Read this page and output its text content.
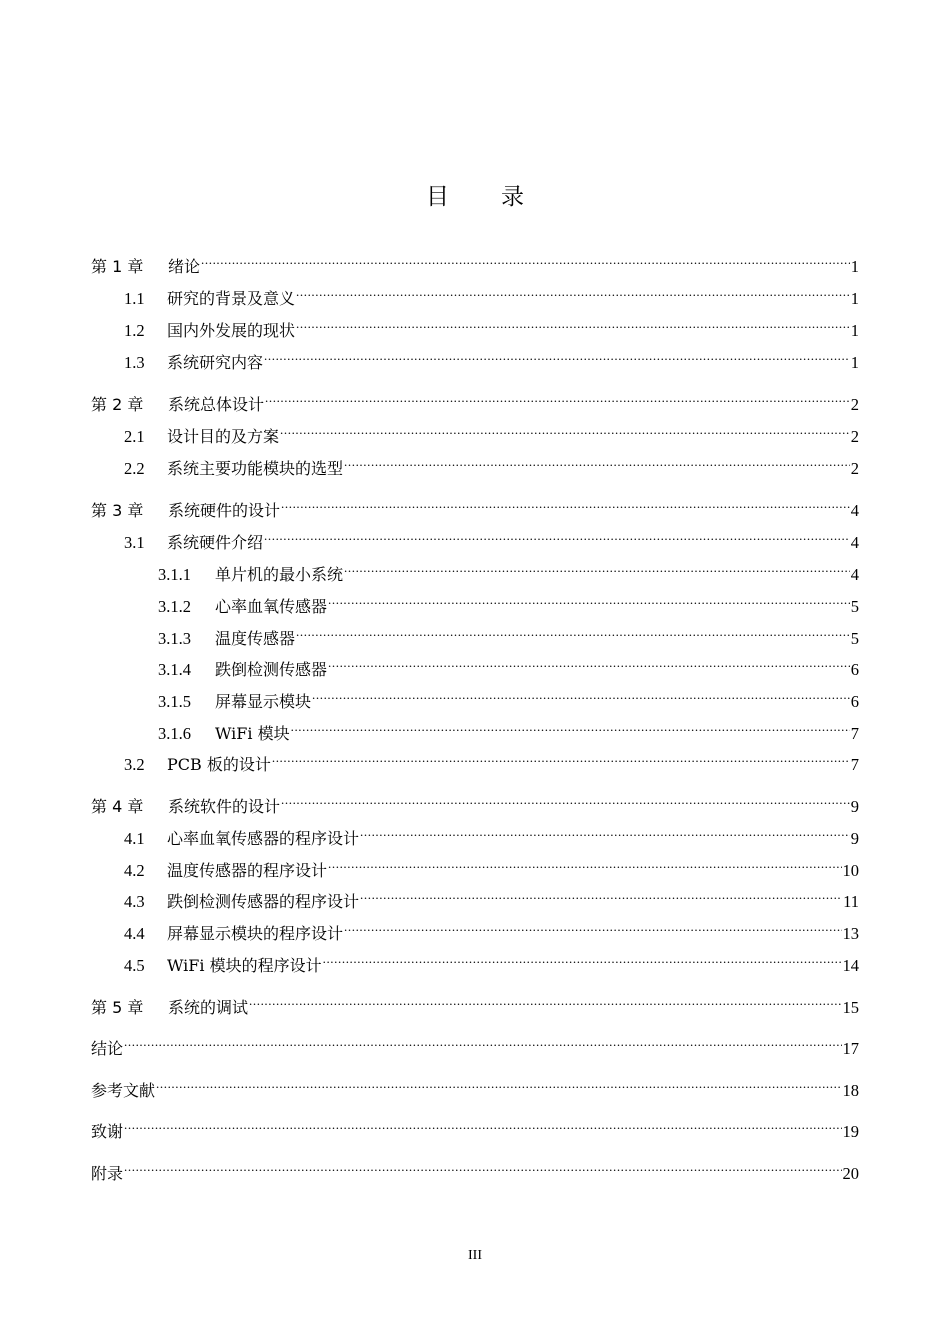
目 录
第 1 章	绪论 .....	1
1.1	研究的背景及意义 .....	1
1.2	国内外发展的现状 .....	1
1.3	系统研究内容 .....	1
第 2 章	系统总体设计 .....	2
2.1	设计目的及方案 .....	2
2.2	系统主要功能模块的选型 .....	2
第 3 章	系统硬件的设计 .....	4
3.1	系统硬件介绍 .....	4
3.1.1	单片机的最小系统 .....	4
3.1.2	心率血氧传感器 .....	5
3.1.3	温度传感器 .....	5
3.1.4	跌倒检测传感器 .....	6
3.1.5	屏幕显示模块 .....	6
3.1.6	WiFi 模块 .....	7
3.2	PCB 板的设计 .....	7
第 4 章	系统软件的设计 .....	9
4.1	心率血氧传感器的程序设计 .....	9
4.2	温度传感器的程序设计 .....	10
4.3	跌倒检测传感器的程序设计 .....	11
4.4	屏幕显示模块的程序设计 .....	13
4.5	WiFi 模块的程序设计 .....	14
第 5 章	系统的调试 .....	15
结论 .....	17
参考文献 .....	18
致谢 .....	19
附录 .....	20
III
